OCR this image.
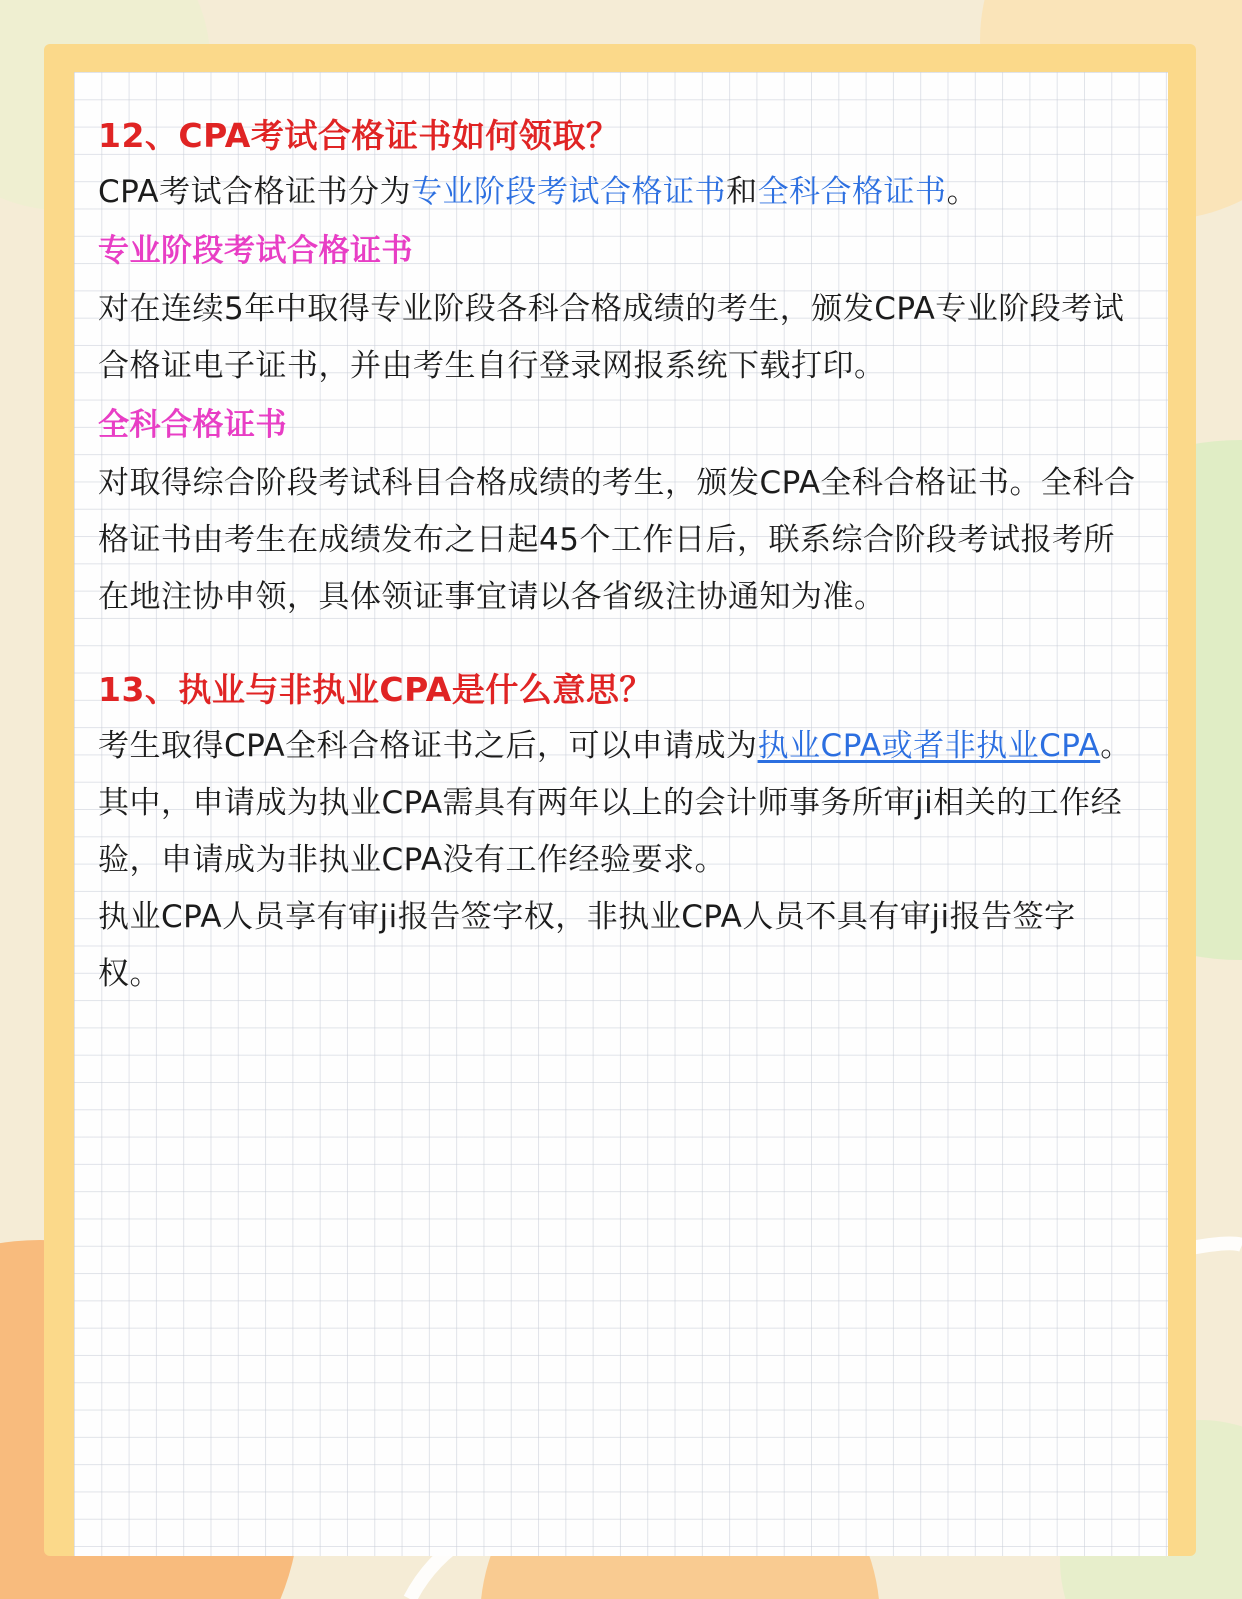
12、CPA考试合格证书如何领取？

CPA考试合格证书分为专业阶段考试合格证书和全科合格证书。

专业阶段考试合格证书

对在连续5年中取得专业阶段各科合格成绩的考生，颁发CPA专业阶段考试合格证电子证书，并由考生自行登录网报系统下载打印。

全科合格证书

对取得综合阶段考试科目合格成绩的考生，颁发CPA全科合格证书。全科合格证书由考生在成绩发布之日起45个工作日后，联系综合阶段考试报考所在地注协申领，具体领证事宜请以各省级注协通知为准。

13、执业与非执业CPA是什么意思？

考生取得CPA全科合格证书之后，可以申请成为执业CPA或者非执业CPA。其中，申请成为执业CPA需具有两年以上的会计师事务所审ji相关的工作经验，申请成为非执业CPA没有工作经验要求。

执业CPA人员享有审ji报告签字权，非执业CPA人员不具有审ji报告签字权。
